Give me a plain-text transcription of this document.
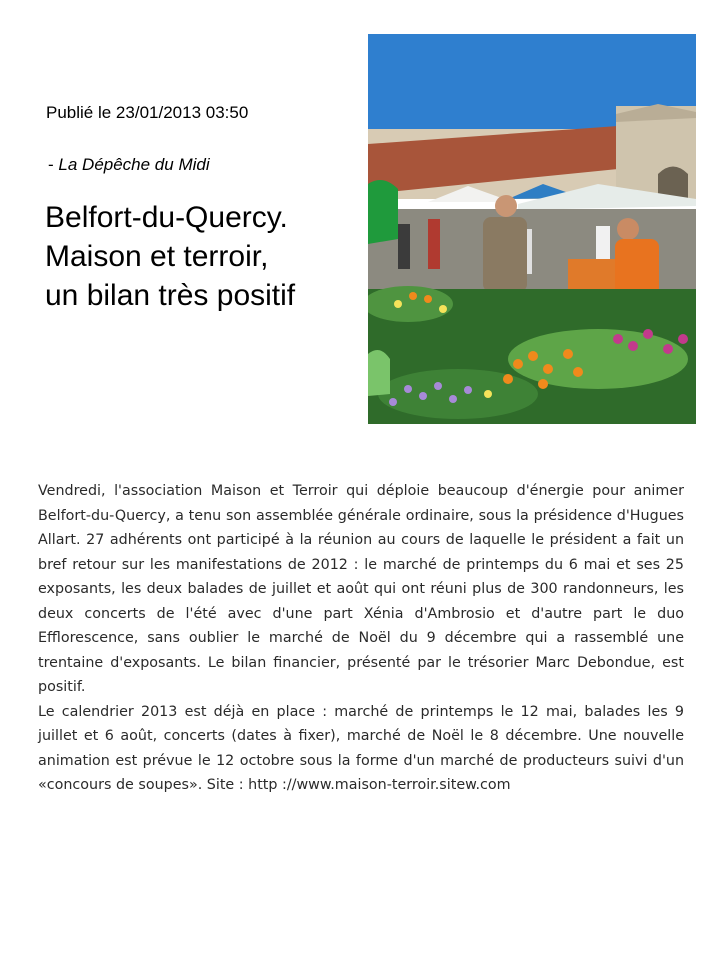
Publié le 23/01/2013 03:50
- La Dépêche du Midi
Belfort-du-Quercy.
Maison et terroir,
un bilan très positif

Vendredi, l'association Maison et Terroir qui déploie beaucoup d'énergie pour animer Belfort-du-Quercy, a tenu son assemblée générale ordinaire, sous la présidence d'Hugues Allart. 27 adhérents ont participé à la réunion au cours de laquelle le président a fait un bref retour sur les manifestations de 2012 : le marché de printemps du 6 mai et ses 25 exposants, les deux balades de juillet et août qui ont réuni plus de 300 randonneurs, les deux concerts de l'été avec d'une part Xénia d'Ambrosio et d'autre part le duo Efflorescence, sans oublier le marché de Noël du 9 décembre qui a rassemblé une trentaine d'exposants. Le bilan financier, présenté par le trésorier Marc Debondue, est positif.

Le calendrier 2013 est déjà en place : marché de printemps le 12 mai, balades les 9 juillet et 6 août, concerts (dates à fixer), marché de Noël le 8 décembre. Une nouvelle animation est prévue le 12 octobre sous la forme d'un marché de producteurs suivi d'un «concours de soupes». Site : http ://www.maison-terroir.sitew.com
